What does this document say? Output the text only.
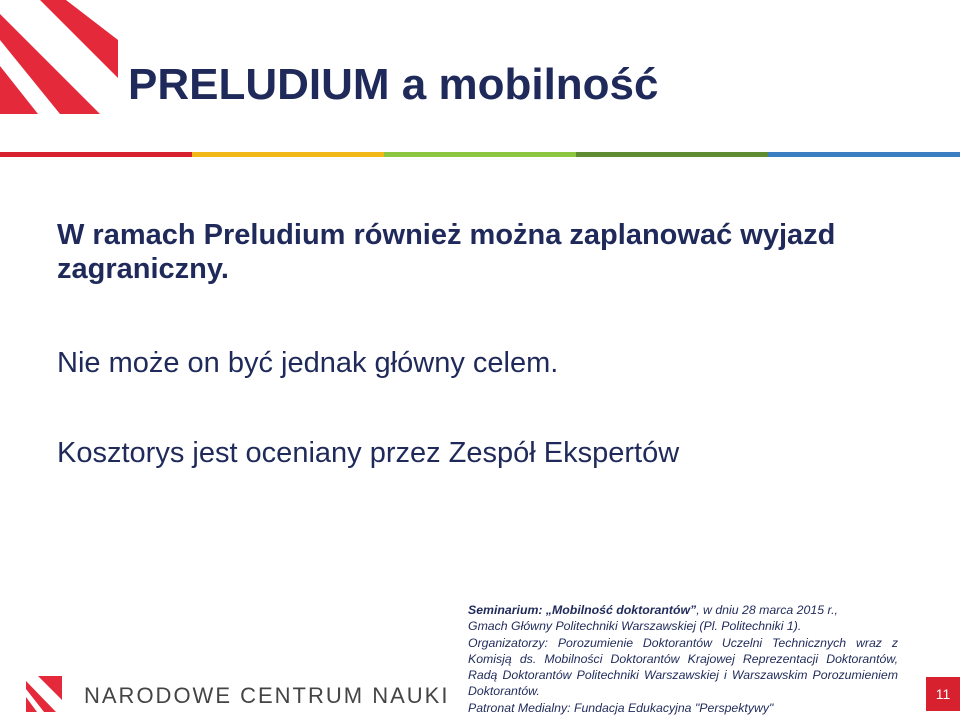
PRELUDIUM a mobilność

W ramach Preludium również można zaplanować wyjazd zagraniczny.

Nie może on być jednak główny celem.

Kosztorys jest oceniany przez Zespół Ekspertów

NARODOWE CENTRUM NAUKI

Seminarium: „Mobilność doktorantów”, w dniu 28 marca 2015 r.,

Gmach Główny Politechniki Warszawskiej (Pl. Politechniki 1).

Organizatorzy: Porozumienie Doktorantów Uczelni Technicznych wraz z Komisją ds. Mobilności Doktorantów Krajowej Reprezentacji Doktorantów, Radą Doktorantów Politechniki Warszawskiej i Warszawskim Porozumieniem Doktorantów.

Patronat Medialny: Fundacja Edukacyjna "Perspektywy"

11
